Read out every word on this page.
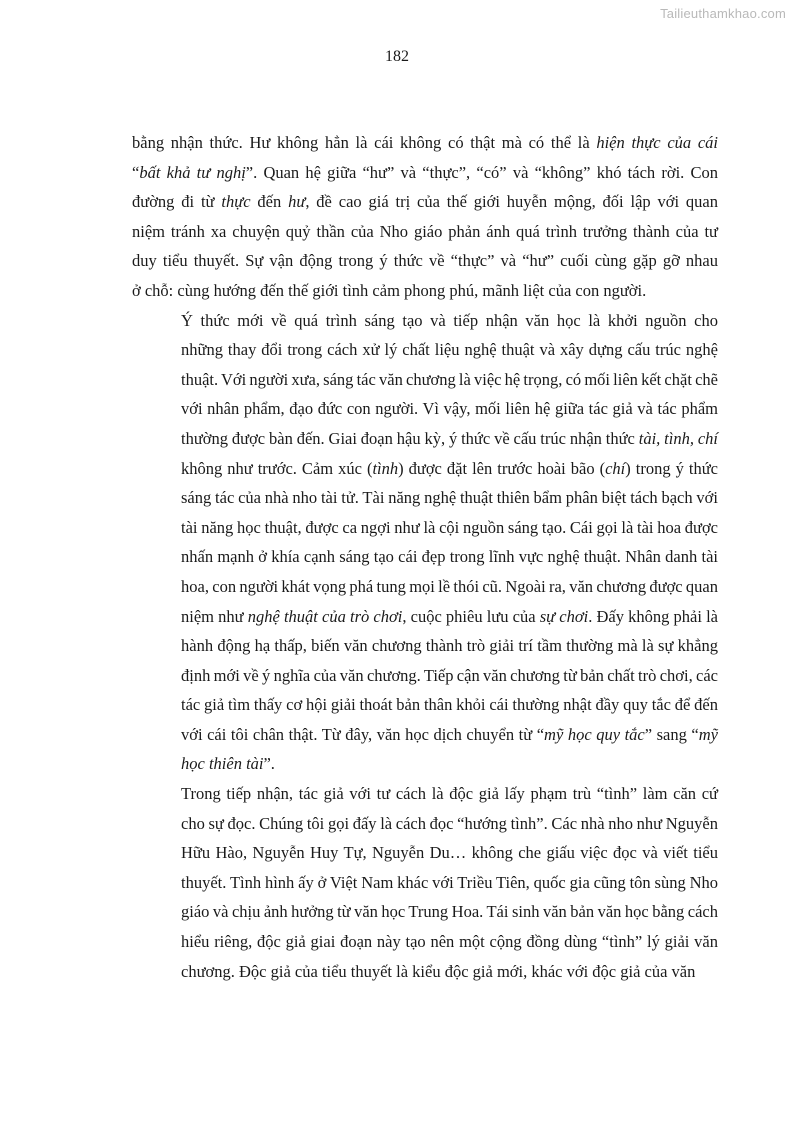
Tailieuthamkhao.com
182

bằng nhận thức. Hư không hẳn là cái không có thật mà có thể là hiện thực của cái
“bất khả tư nghị”. Quan hệ giữa “hư” và “thực”, “có” và “không” khó tách rời. Con
đường đi từ thực đến hư, đề cao giá trị của thế giới huyễn mộng, đối lập với quan
niệm tránh xa chuyện quỷ thần của Nho giáo phản ánh quá trình trưởng thành của tư
duy tiểu thuyết. Sự vận động trong ý thức về “thực” và “hư” cuối cùng gặp gỡ nhau
ở chỗ: cùng hướng đến thế giới tình cảm phong phú, mãnh liệt của con người.

Ý thức mới về quá trình sáng tạo và tiếp nhận văn học là khởi nguồn cho
những thay đổi trong cách xử lý chất liệu nghệ thuật và xây dựng cấu trúc nghệ
thuật. Với người xưa, sáng tác văn chương là việc hệ trọng, có mối liên kết chặt chẽ
với nhân phẩm, đạo đức con người. Vì vậy, mối liên hệ giữa tác giả và tác phẩm
thường được bàn đến. Giai đoạn hậu kỳ, ý thức về cấu trúc nhận thức tài, tình, chí
không như trước. Cảm xúc (tình) được đặt lên trước hoài bão (chí) trong ý thức
sáng tác của nhà nho tài tử. Tài năng nghệ thuật thiên bẩm phân biệt tách bạch với
tài năng học thuật, được ca ngợi như là cội nguồn sáng tạo. Cái gọi là tài hoa được
nhấn mạnh ở khía cạnh sáng tạo cái đẹp trong lĩnh vực nghệ thuật. Nhân danh tài
hoa, con người khát vọng phá tung mọi lề thói cũ. Ngoài ra, văn chương được quan
niệm như nghệ thuật của trò chơi, cuộc phiêu lưu của sự chơi. Đấy không phải là
hành động hạ thấp, biến văn chương thành trò giải trí tầm thường mà là sự khẳng
định mới về ý nghĩa của văn chương. Tiếp cận văn chương từ bản chất trò chơi, các
tác giả tìm thấy cơ hội giải thoát bản thân khỏi cái thường nhật đầy quy tắc để đến
với cái tôi chân thật. Từ đây, văn học dịch chuyển từ “mỹ học quy tắc” sang “mỹ
học thiên tài”.

Trong tiếp nhận, tác giả với tư cách là độc giả lấy phạm trù “tình” làm căn cứ
cho sự đọc. Chúng tôi gọi đấy là cách đọc “hướng tình”. Các nhà nho như Nguyễn
Hữu Hào, Nguyễn Huy Tự, Nguyễn Du… không che giấu việc đọc và viết tiểu
thuyết. Tình hình ấy ở Việt Nam khác với Triều Tiên, quốc gia cũng tôn sùng Nho
giáo và chịu ảnh hưởng từ văn học Trung Hoa. Tái sinh văn bản văn học bằng cách
hiểu riêng, độc giả giai đoạn này tạo nên một cộng đồng dùng “tình” lý giải văn
chương. Độc giả của tiểu thuyết là kiểu độc giả mới, khác với độc giả của văn
